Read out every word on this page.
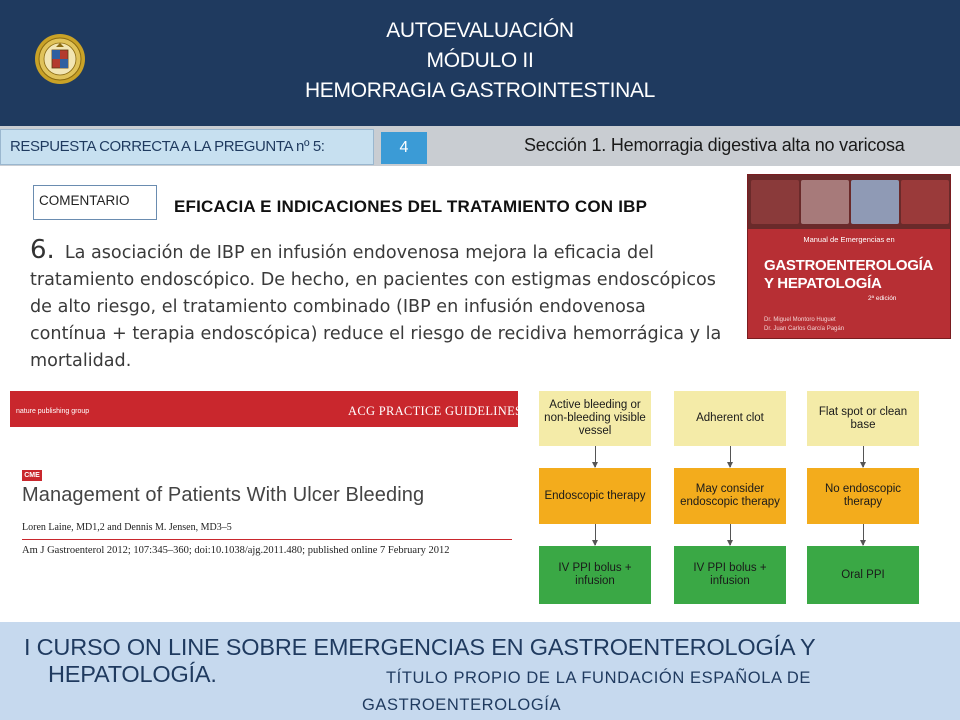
AUTOEVALUACIÓN
MÓDULO II
HEMORRAGIA GASTROINTESTINAL
RESPUESTA CORRECTA A LA PREGUNTA nº 5:	4	Sección 1. Hemorragia digestiva alta no varicosa
COMENTARIO	EFICACIA E INDICACIONES DEL TRATAMIENTO CON IBP
6. La asociación de IBP en infusión endovenosa mejora la eficacia del tratamiento endoscópico. De hecho, en pacientes con estigmas endoscópicos de alto riesgo, el tratamiento combinado (IBP en infusión endovenosa contínua + terapia endoscópica) reduce el riesgo de recidiva hemorrágica y la mortalidad.
Manual de Emergencias en
GASTROENTEROLOGÍA
Y HEPATOLOGÍA
2ª edición
Dr. Miguel Montoro Huguet
Dr. Juan Carlos García Pagán
nature publishing group	ACG PRACTICE GUIDELINES
CME
Management of Patients With Ulcer Bleeding
Loren Laine, MD1,2 and Dennis M. Jensen, MD3–5
Am J Gastroenterol 2012; 107:345–360; doi:10.1038/ajg.2011.480; published online 7 February 2012
Active bleeding or non-bleeding visible vessel
Endoscopic therapy
IV PPI bolus + infusion
Adherent clot
May consider endoscopic therapy
IV PPI bolus + infusion
Flat spot or clean base
No endoscopic therapy
Oral PPI
I CURSO ON LINE SOBRE EMERGENCIAS EN GASTROENTEROLOGÍA Y
HEPATOLOGÍA.	TÍTULO PROPIO DE LA FUNDACIÓN ESPAÑOLA DE
GASTROENTEROLOGÍA
